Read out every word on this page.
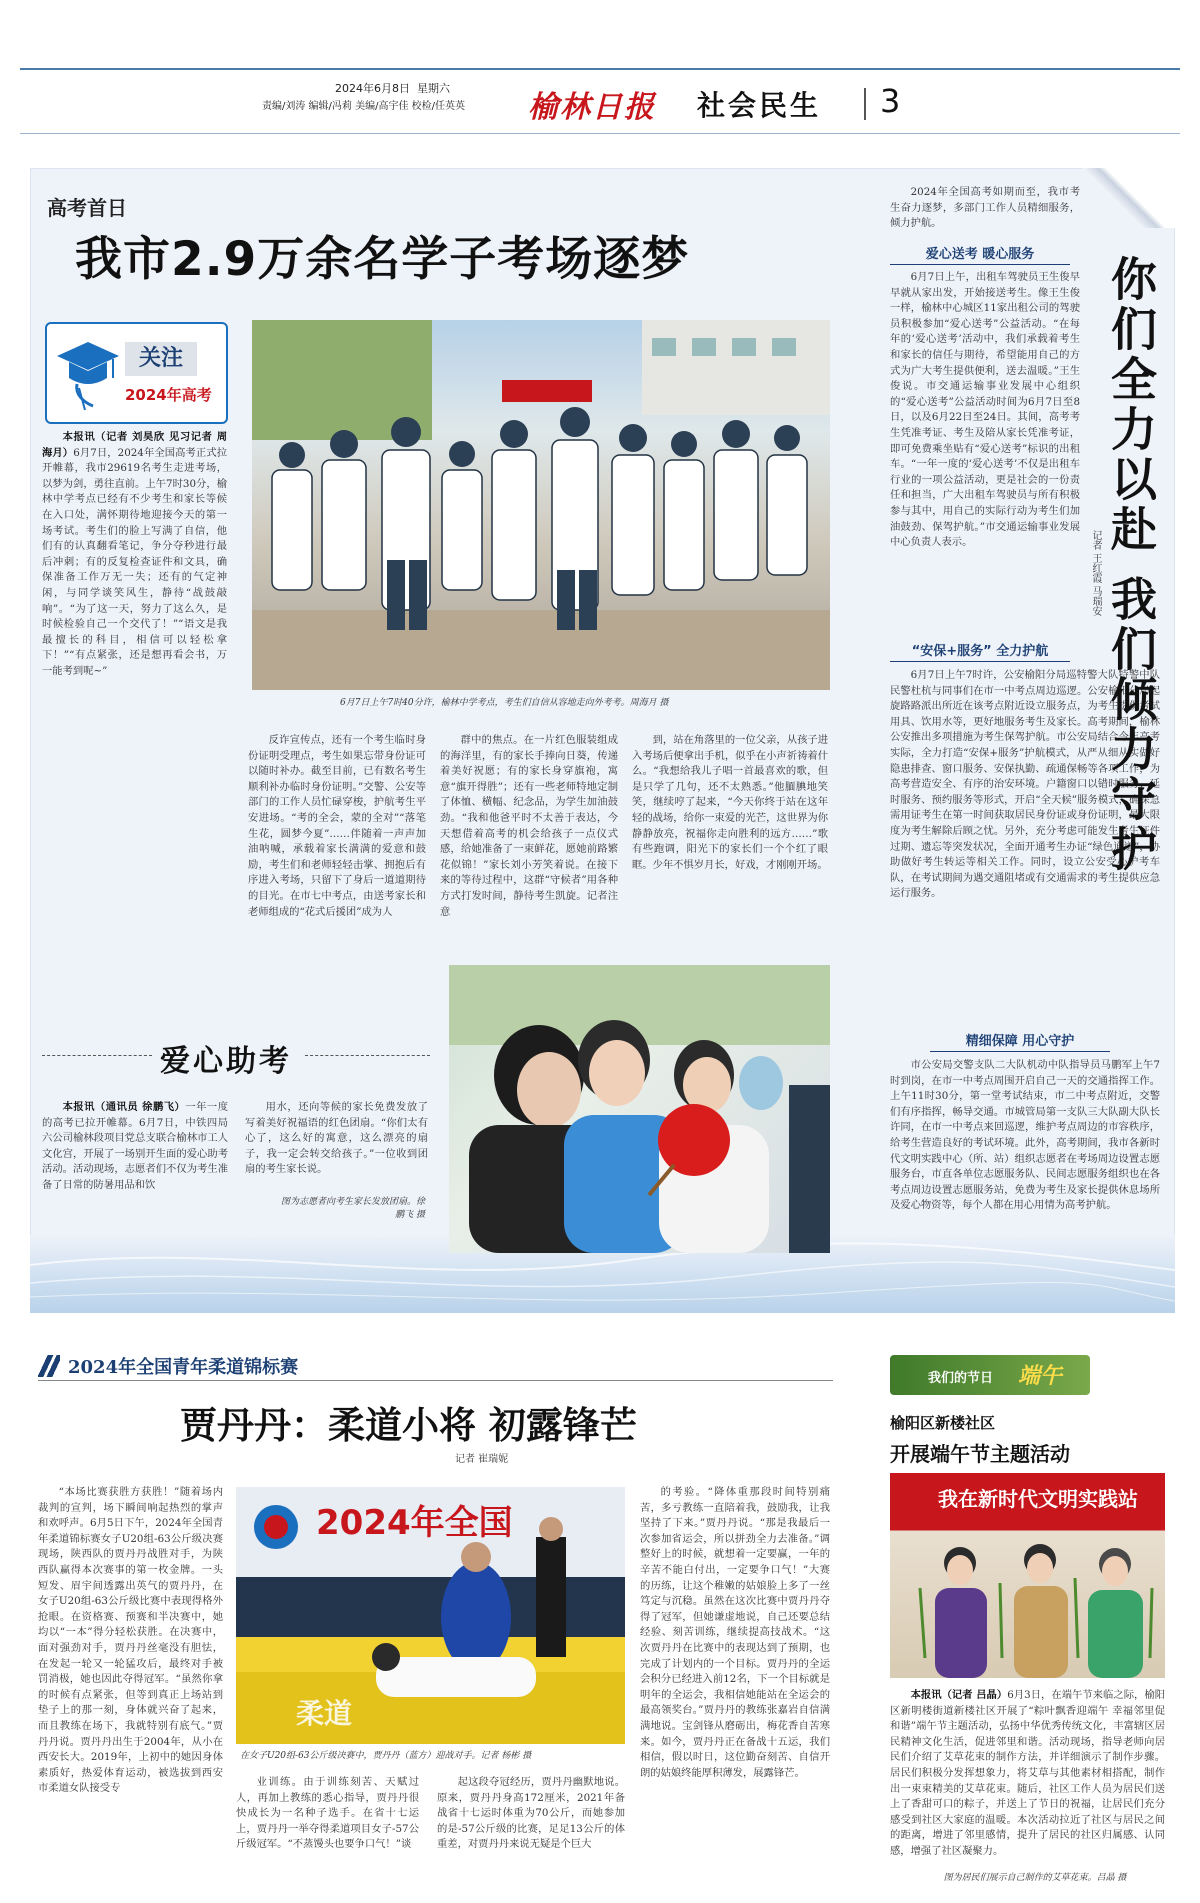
2024年6月8日 星期六
责编/刘涛 编辑/冯莉 美编/高宇佳 校检/任英英 榆林日报 社会民生 3
高考首日
我市2.9万余名学子考场逐梦
关注
2024年高考
6月7日上午7时40分许，榆林中学考点，考生们自信从容地走向外考考。周海月 摄
本报讯（记者 刘昊欣 见习记者 周海月）6月7日，2024年全国高考正式拉开帷幕，我市29619名考生走进考场，以梦为剑，勇往直前。上午7时30分，榆林中学考点已经有不少考生和家长等候在入口处，满怀期待地迎接今天的第一场考试。考生们的脸上写满了自信，他们有的认真翻看笔记，争分夺秒进行最后冲刺；有的反复检查证件和文具，确保准备工作万无一失；还有的气定神闲，与同学谈笑风生，静待“战鼓敲响”。“为了这一天，努力了这么久，是时候检验自己一个交代了！”“语文是我最擅长的科目，相信可以轻松拿下！”“有点紧张，还是想再看会书，万一能考到呢~”
反诈宣传点，还有一个考生临时身份证明受理点，考生如果忘带身份证可以随时补办。截至目前，已有数名考生顺利补办临时身份证明。”交警、公安等部门的工作人员忙碌穿梭，护航考生平安进场。“考的全会，蒙的全对”“落笔生花，圆梦今夏”……伴随着一声声加油呐喊，承载着家长满满的爱意和鼓励，考生们和老师轻轻击掌、拥抱后有序进入考场，只留下了身后一道道期待的目光。在市七中考点，由送考家长和老师组成的“花式后援团”成为人
群中的焦点。在一片红色服装组成的海洋里，有的家长手捧向日葵，传递着美好祝愿；有的家长身穿旗袍，寓意“旗开得胜”；还有一些老师特地定制了体恤、横幅、纪念品，为学生加油鼓劲。“我和他爸平时不太善于表达，今天想借着高考的机会给孩子一点仪式感，给她准备了一束鲜花，愿她前路繁花似锦！”家长刘小芳笑着说。在接下来的等待过程中，这群“守候者”用各种方式打发时间，静待考生凯旋。记者注意
到，站在角落里的一位父亲，从孩子进入考场后便拿出手机，似乎在小声祈祷着什么。“我想给我儿子唱一首最喜欢的歌，但是只学了几句，还不太熟悉。”他腼腆地笑笑，继续哼了起来，“今天你终于站在这年轻的战场，给你一束爱的光芒，这世界为你静静放亮，祝福你走向胜利的远方……”歌有些跑调，阳光下的家长们一个个红了眼眶。少年不惧岁月长，好戏，才刚刚开场。
爱心助考
本报讯（通讯员 徐鹏飞）一年一度的高考已拉开帷幕。6月7日，中铁四局六公司榆林段项目党总支联合榆林市工人文化宫，开展了一场别开生面的爱心助考活动。活动现场，志愿者们不仅为考生准备了日常的防暑用品和饮
用水，还向等候的家长免费发放了写着美好祝福语的红色团扇。“你们太有心了，这么好的寓意，这么漂亮的扇子，我一定会转交给孩子。”一位收到团扇的考生家长说。
图为志愿者向考生家长发放团扇。徐鹏飞 摄
2024年全国高考如期而至，我市考生奋力逐梦，多部门工作人员精细服务，倾力护航。
爱心送考 暖心服务
6月7日上午，出租车驾驶员王生俊早早就从家出发，开始接送考生。像王生俊一样，榆林中心城区11家出租公司的驾驶员积极参加“爱心送考”公益活动。“在每年的‘爱心送考’活动中，我们承载着考生和家长的信任与期待，希望能用自己的方式为广大考生提供便利，送去温暖。”王生俊说。市交通运输事业发展中心组织的“爱心送考”公益活动时间为6月7日至8日，以及6月22日至24日。其间，高考考生凭准考证、考生及陪从家长凭准考证，即可免费乘坐贴有“爱心送考”标识的出租车。“一年一度的‘爱心送考’不仅是出租车行业的一项公益活动，更是社会的一份责任和担当，广大出租车驾驶员与所有积极参与其中，用自己的实际行动为考生们加油鼓劲、保驾护航。”市交通运输事业发展中心负责人表示。
“安保+服务” 全力护航
6月7日上午7时许，公安榆阳分局巡特警大队特警中队民警杜杭与同事们在市一中考点周边巡逻。公安榆阳分局起旋路路派出所近在该考点附近设立服务点，为考生提供考试用具、饮用水等，更好地服务考生及家长。高考期间，榆林公安推出多项措施为考生保驾护航。市公安局结合今年高考实际，全力打造“安保+服务”护航模式，从严从细从实做好隐患排查、窗口服务、安保执勤、疏通保畅等各项工作，为高考营造安全、有序的治安环境。户籍窗口以错时服务、延时服务、预约服务等形式，开启“全天候”服务模式，确保急需用证考生在第一时间获取居民身份证或身份证明，最大限度为考生解除后顾之忧。另外，充分考虑可能发生考生证件过期、遗忘等突发状况，全面开通考生办证“绿色通道”，协助做好考生转运等相关工作。同时，设立公安受心护考车队，在考试期间为遇交通阻堵或有交通需求的考生提供应急运行服务。
精细保障 用心守护
市公安局交警支队二大队机动中队指导员马鹏军上午7时到岗，在市一中考点周围开启自己一天的交通指挥工作。上午11时30分，第一堂考试结束，市二中考点附近，交警们有序指挥，畅导交通。市城管局第一支队三大队副大队长许同，在市一中考点来回巡逻，维护考点周边的市容秩序，给考生营造良好的考试环境。此外，高考期间，我市各新时代文明实践中心（所、站）组织志愿者在考场周边设置志愿服务台，市直各单位志愿服务队、民间志愿服务组织也在各考点周边设置志愿服务站，免费为考生及家长提供休息场所及爱心物资等，每个人都在用心用情为高考护航。
你们全力以赴 我们倾力守护
记者 王红霞 马瑞安
2024年全国青年柔道锦标赛
贾丹丹：柔道小将 初露锋芒
记者 崔瑞妮
“本场比赛获胜方获胜！”随着场内裁判的宣判，场下瞬间响起热烈的掌声和欢呼声。6月5日下午，2024年全国青年柔道锦标赛女子U20组-63公斤级决赛现场，陕西队的贾丹丹战胜对手，为陕西队赢得本次赛事的第一枚金牌。一头短发、眉宇间透露出英气的贾丹丹，在女子U20组-63公斤级比赛中表现得格外抢眼。在资格赛、预赛和半决赛中，她均以“一本”得分轻松获胜。在决赛中，面对强劲对手，贾丹丹丝毫没有胆怯，在发起一轮又一轮猛攻后，最终对手被罚消极，她也因此夺得冠军。“虽然你拿的时候有点紧张，但等到真正上场站到垫子上的那一刻，身体就兴奋了起来，而且教练在场下，我就特别有底气。”贾丹丹说。贾丹丹出生于2004年，从小在西安长大。2019年，上初中的她因身体素质好，热爱体育运动，被选拔到西安市柔道女队接受专
2024年全国
柔道
在女子U20组-63公斤级决赛中，贾丹丹（蓝方）迎战对手。记者 杨彬 摄
业训练。由于训练刻苦、天赋过人，再加上教练的悉心指导，贾丹丹很快成长为一名种子选手。在省十七运上，贾丹丹一举夺得柔道项目女子-57公斤级冠军。“不蒸馒头也要争口气！”谈
起这段夺冠经历，贾丹丹幽默地说。原来，贾丹丹身高172厘米，2021年备战省十七运时体重为70公斤，而她参加的是-57公斤级的比赛，足足13公斤的体重差，对贾丹丹来说无疑是个巨大
的考验。“降体重那段时间特别痛苦，多亏教练一直陪着我，鼓励我，让我坚持了下来。”贾丹丹说。“那是我最后一次参加省运会，所以拼劲全力去准备。”调整好上的时候，就想着一定要赢，一年的辛苦不能白付出，一定要争口气！”大赛的历练，让这个稚嫩的姑娘脸上多了一丝笃定与沉稳。虽然在这次比赛中贾丹丹夺得了冠军，但她谦虚地说，自己还要总结经验、刻苦训练，继续提高技战术。“这次贾丹丹在比赛中的表现达到了预期，也完成了计划内的一个目标。贾丹丹的全运会积分已经进入前12名，下一个目标就是明年的全运会，我相信她能站在全运会的最高领奖台。”贾丹丹的教练张嘉岩自信满满地说。宝剑锋从磨砺出，梅花香自苦寒来。如今，贾丹丹正在备战十五运，我们相信，假以时日，这位勤奋刻苦、自信开朗的姑娘终能厚积薄发，展露锋芒。
我们的节日 端午
榆阳区新楼社区
开展端午节主题活动
我在新时代文明实践站
本报讯（记者 吕晶）6月3日，在端午节来临之际，榆阳区新明楼街道新楼社区开展了“粽叶飘香迎端午 幸福邻里促和谐”端午节主题活动，弘扬中华优秀传统文化，丰富辖区居民精神文化生活，促进邻里和谐。活动现场，指导老师向居民们介绍了艾草花束的制作方法，并详细演示了制作步骤。居民们积极分发挥想象力，将艾草与其他素材相搭配，制作出一束束精美的艾草花束。随后，社区工作人员为居民们送上了香甜可口的粽子，并送上了节日的祝福，让居民们充分感受到社区大家庭的温暖。本次活动拉近了社区与居民之间的距离，增进了邻里感情，提升了居民的社区归属感、认同感，增强了社区凝聚力。
图为居民们展示自己制作的艾草花束。吕晶 摄
